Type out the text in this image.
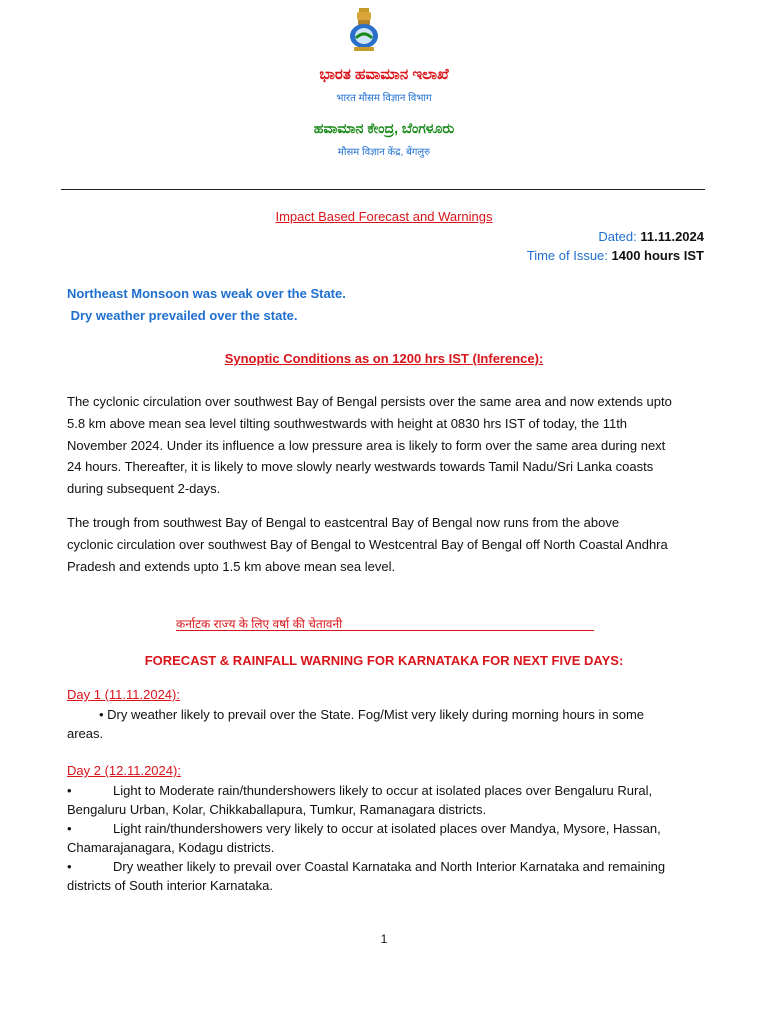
ಭಾರತ ಹವಾಮಾನ ಇಲಾಖೆ
भारत मौसम विज्ञान विभाग
ಹವಾಮಾನ ಕೇಂದ್ರ, ಬೆಂಗಳೂರು
मौसम विज्ञान केंद्र, बेंगलुरु
Impact Based Forecast and Warnings
Dated: 11.11.2024
Time of Issue: 1400 hours IST
Northeast Monsoon was weak over the State.
Dry weather prevailed over the state.
Synoptic Conditions as on 1200 hrs IST (Inference):
The cyclonic circulation over southwest Bay of Bengal persists over the same area and now extends upto
5.8 km above mean sea level tilting southwestwards with height at 0830 hrs IST of today, the 11th
November 2024. Under its influence a low pressure area is likely to form over the same area during next
24 hours. Thereafter, it is likely to move slowly nearly westwards towards Tamil Nadu/Sri Lanka coasts
during subsequent 2-days.
The trough from southwest Bay of Bengal to eastcentral Bay of Bengal now runs from the above
cyclonic circulation over southwest Bay of Bengal to Westcentral Bay of Bengal off North Coastal Andhra
Pradesh and extends upto 1.5 km above mean sea level.
कर्नाटक राज्य के लिए वर्षा की चेतावनी
FORECAST & RAINFALL WARNING FOR KARNATAKA FOR NEXT FIVE DAYS:
Day 1 (11.11.2024):
• Dry weather likely to prevail over the State. Fog/Mist very likely during morning hours in some
areas.
Day 2 (12.11.2024):
•	Light to Moderate rain/thundershowers likely to occur at isolated places over Bengaluru Rural,
Bengaluru Urban, Kolar, Chikkaballapura, Tumkur, Ramanagara districts.
•	Light rain/thundershowers very likely to occur at isolated places over Mandya, Mysore, Hassan,
Chamarajanagara, Kodagu districts.
•	Dry weather likely to prevail over Coastal Karnataka and North Interior Karnataka and remaining
districts of South interior Karnataka.
1
